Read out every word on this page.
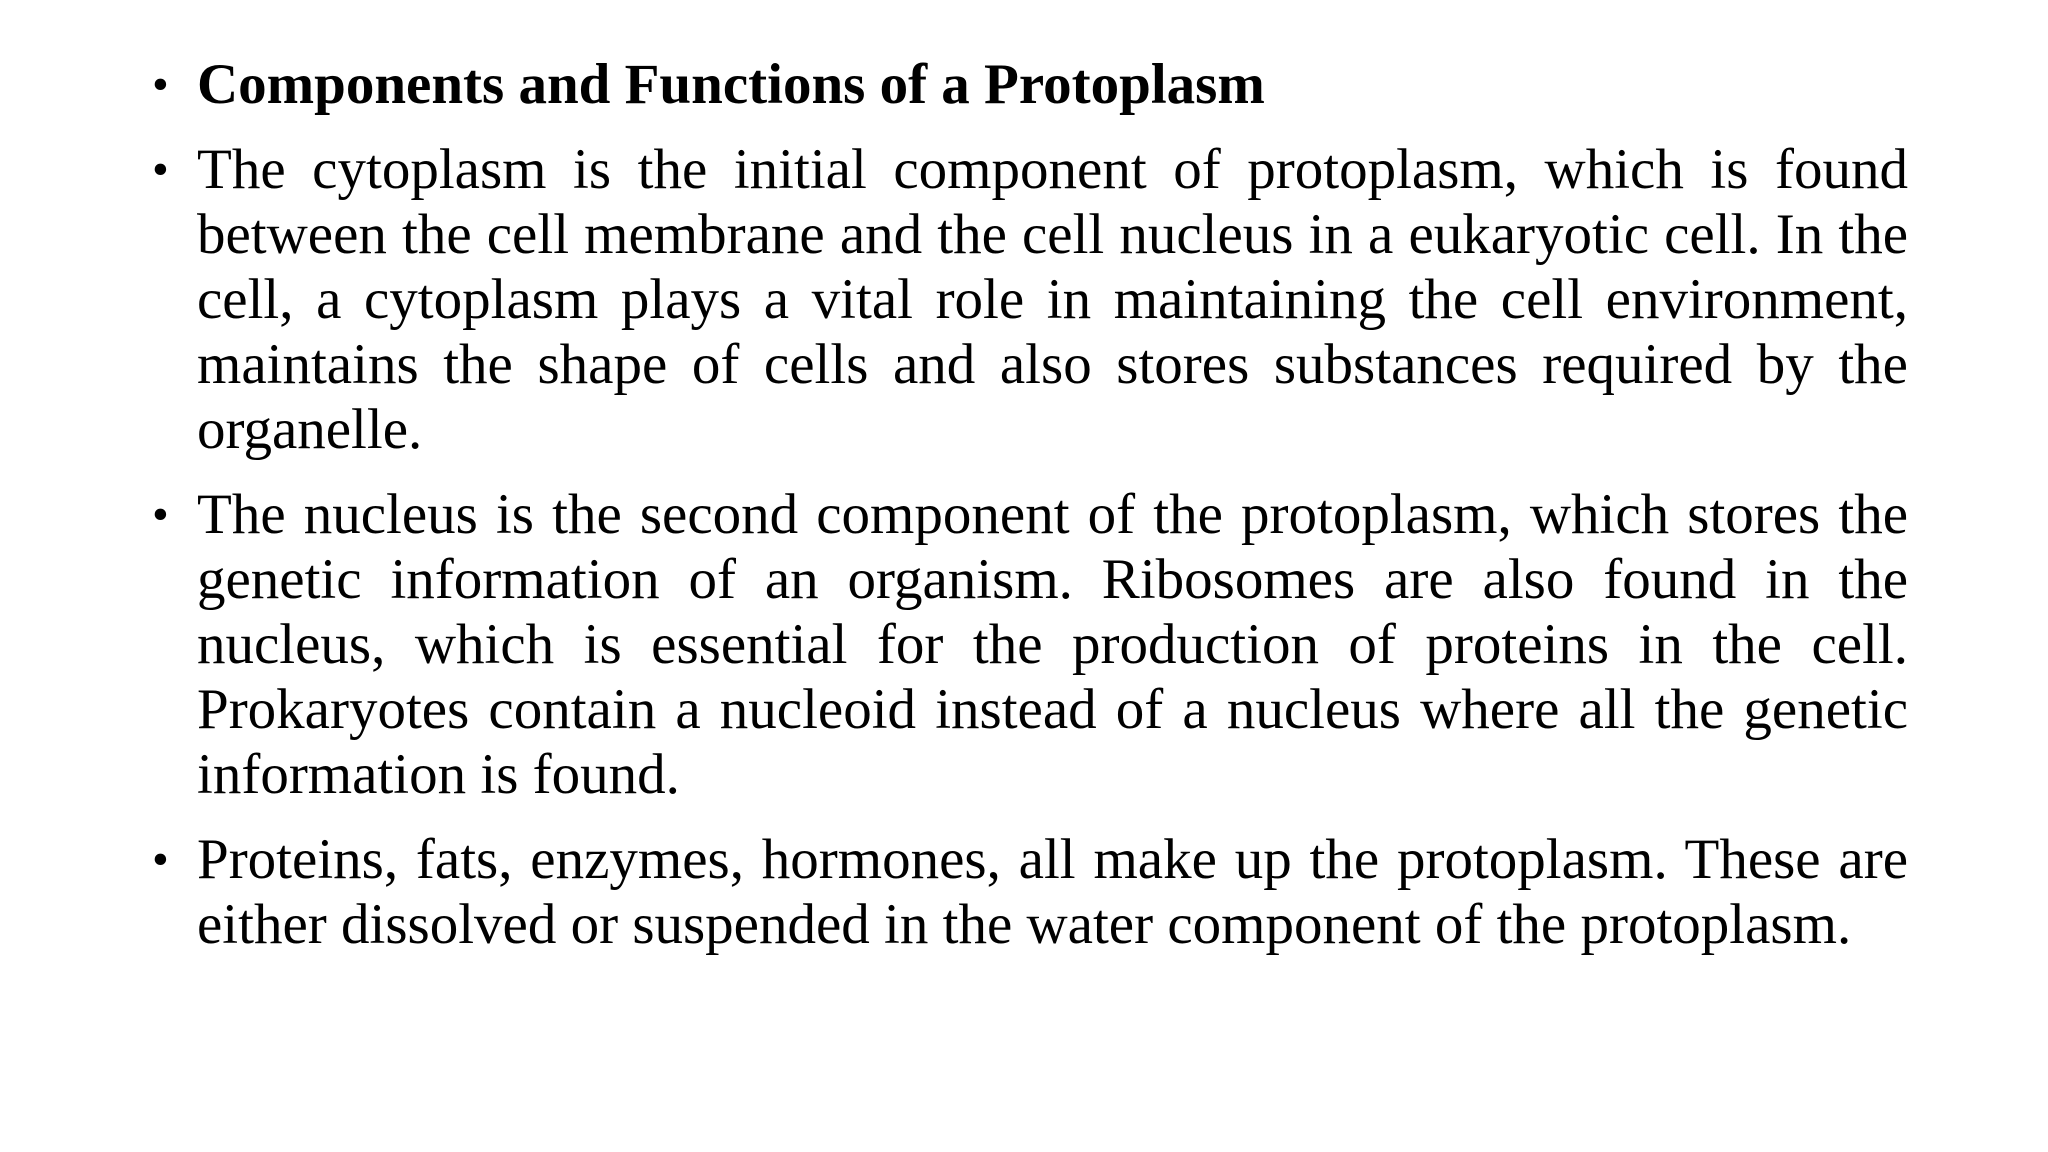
• Components and Functions of a Protoplasm
• The cytoplasm is the initial component of protoplasm, which is found between the cell membrane and the cell nucleus in a eukaryotic cell. In the cell, a cytoplasm plays a vital role in maintaining the cell environment, maintains the shape of cells and also stores substances required by the organelle.
• The nucleus is the second component of the protoplasm, which stores the genetic information of an organism. Ribosomes are also found in the nucleus, which is essential for the production of proteins in the cell. Prokaryotes contain a nucleoid instead of a nucleus where all the genetic information is found.
• Proteins, fats, enzymes, hormones, all make up the protoplasm. These are either dissolved or suspended in the water component of the protoplasm.
